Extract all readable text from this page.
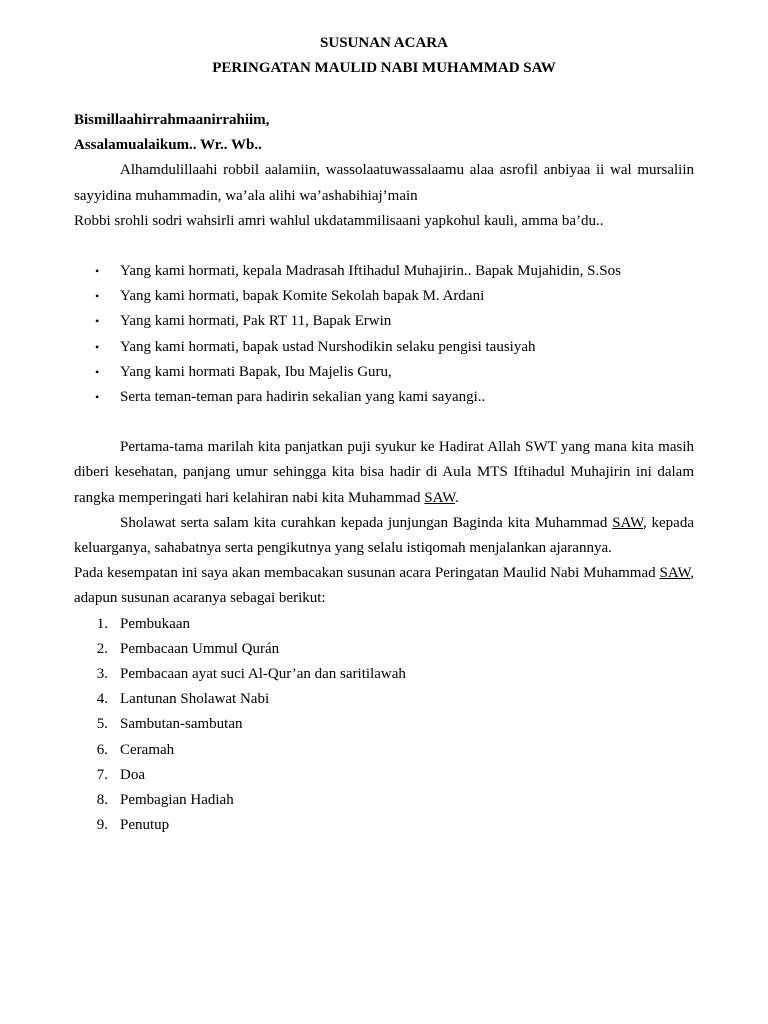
SUSUNAN ACARA

PERINGATAN MAULID NABI MUHAMMAD SAW

Bismillaahirrahmaanirrahiim,

Assalamualaikum.. Wr.. Wb..

Alhamdulillaahi robbil aalamiin, wassolaatuwassalaamu alaa asrofil anbiyaa ii wal mursaliin sayyidina muhammadin, wa’ala alihi wa’ashabihiaj’main

Robbi srohli sodri wahsirli amri wahlul ukdatammilisaani yapkohul kauli, amma ba’du..

• Yang kami hormati, kepala Madrasah Iftihadul Muhajirin.. Bapak Mujahidin, S.Sos
• Yang kami hormati, bapak Komite Sekolah bapak M. Ardani
• Yang kami hormati, Pak RT 11, Bapak Erwin
• Yang kami hormati, bapak ustad Nurshodikin selaku pengisi tausiyah
• Yang kami hormati Bapak, Ibu Majelis Guru,
• Serta teman-teman para hadirin sekalian yang kami sayangi..

Pertama-tama marilah kita panjatkan puji syukur ke Hadirat Allah SWT yang mana kita masih diberi kesehatan, panjang umur sehingga kita bisa hadir di Aula MTS Iftihadul Muhajirin ini dalam rangka memperingati hari kelahiran nabi kita Muhammad SAW.

Sholawat serta salam kita curahkan kepada junjungan Baginda kita Muhammad SAW, kepada keluarganya, sahabatnya serta pengikutnya yang selalu istiqomah menjalankan ajarannya.

Pada kesempatan ini saya akan membacakan susunan acara Peringatan Maulid Nabi Muhammad SAW, adapun susunan acaranya sebagai berikut:

1. Pembukaan
2. Pembacaan Ummul Qurán
3. Pembacaan ayat suci Al-Qur’an dan saritilawah
4. Lantunan Sholawat Nabi
5. Sambutan-sambutan
6. Ceramah
7. Doa
8. Pembagian Hadiah
9. Penutup
